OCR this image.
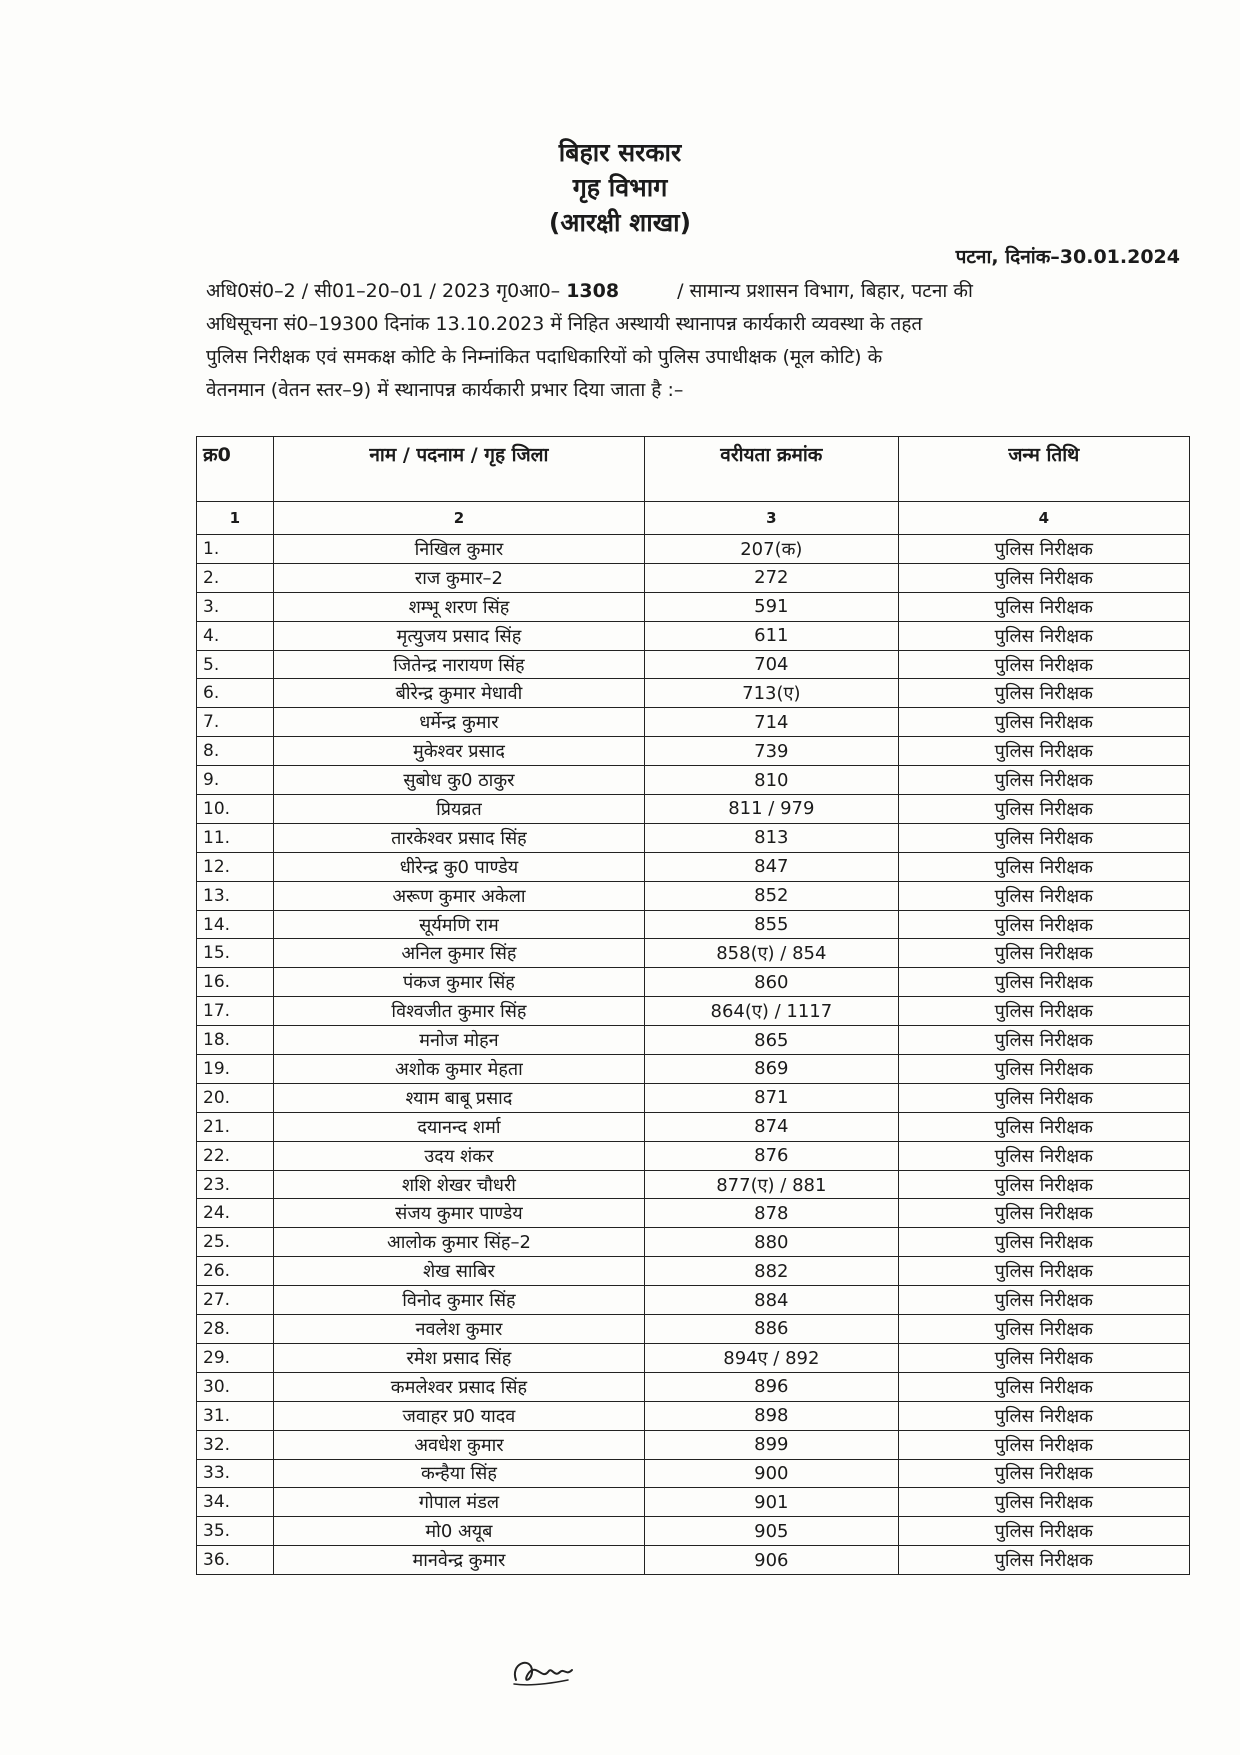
बिहार सरकार
गृह विभाग
(आरक्षी शाखा)
पटना, दिनांक–30.01.2024
अधि0सं0–2 / सी01–20–01 / 2023 गृ0आ0– 1308	/ सामान्य प्रशासन विभाग, बिहार, पटना की
अधिसूचना सं0–19300 दिनांक 13.10.2023 में निहित अस्थायी स्थानापन्न कार्यकारी व्यवस्था के तहत
पुलिस निरीक्षक एवं समकक्ष कोटि के निम्नांकित पदाधिकारियों को पुलिस उपाधीक्षक (मूल कोटि) के
वेतनमान (वेतन स्तर–9) में स्थानापन्न कार्यकारी प्रभार दिया जाता है :–
क्र0	नाम / पदनाम / गृह जिला	वरीयता क्रमांक	जन्म तिथि
1	2	3	4
1.	निखिल कुमार	207(क)	पुलिस निरीक्षक
2.	राज कुमार–2	272	पुलिस निरीक्षक
3.	शम्भू शरण सिंह	591	पुलिस निरीक्षक
4.	मृत्युजय प्रसाद सिंह	611	पुलिस निरीक्षक
5.	जितेन्द्र नारायण सिंह	704	पुलिस निरीक्षक
6.	बीरेन्द्र कुमार मेधावी	713(ए)	पुलिस निरीक्षक
7.	धर्मेन्द्र कुमार	714	पुलिस निरीक्षक
8.	मुकेश्वर प्रसाद	739	पुलिस निरीक्षक
9.	सुबोध कु0 ठाकुर	810	पुलिस निरीक्षक
10.	प्रियव्रत	811 / 979	पुलिस निरीक्षक
11.	तारकेश्वर प्रसाद सिंह	813	पुलिस निरीक्षक
12.	धीरेन्द्र कु0 पाण्डेय	847	पुलिस निरीक्षक
13.	अरूण कुमार अकेला	852	पुलिस निरीक्षक
14.	सूर्यमणि राम	855	पुलिस निरीक्षक
15.	अनिल कुमार सिंह	858(ए) / 854	पुलिस निरीक्षक
16.	पंकज कुमार सिंह	860	पुलिस निरीक्षक
17.	विश्वजीत कुमार सिंह	864(ए) / 1117	पुलिस निरीक्षक
18.	मनोज मोहन	865	पुलिस निरीक्षक
19.	अशोक कुमार मेहता	869	पुलिस निरीक्षक
20.	श्याम बाबू प्रसाद	871	पुलिस निरीक्षक
21.	दयानन्द शर्मा	874	पुलिस निरीक्षक
22.	उदय शंकर	876	पुलिस निरीक्षक
23.	शशि शेखर चौधरी	877(ए) / 881	पुलिस निरीक्षक
24.	संजय कुमार पाण्डेय	878	पुलिस निरीक्षक
25.	आलोक कुमार सिंह–2	880	पुलिस निरीक्षक
26.	शेख साबिर	882	पुलिस निरीक्षक
27.	विनोद कुमार सिंह	884	पुलिस निरीक्षक
28.	नवलेश कुमार	886	पुलिस निरीक्षक
29.	रमेश प्रसाद सिंह	894ए / 892	पुलिस निरीक्षक
30.	कमलेश्वर प्रसाद सिंह	896	पुलिस निरीक्षक
31.	जवाहर प्र0 यादव	898	पुलिस निरीक्षक
32.	अवधेश कुमार	899	पुलिस निरीक्षक
33.	कन्हैया सिंह	900	पुलिस निरीक्षक
34.	गोपाल मंडल	901	पुलिस निरीक्षक
35.	मो0 अयूब	905	पुलिस निरीक्षक
36.	मानवेन्द्र कुमार	906	पुलिस निरीक्षक
